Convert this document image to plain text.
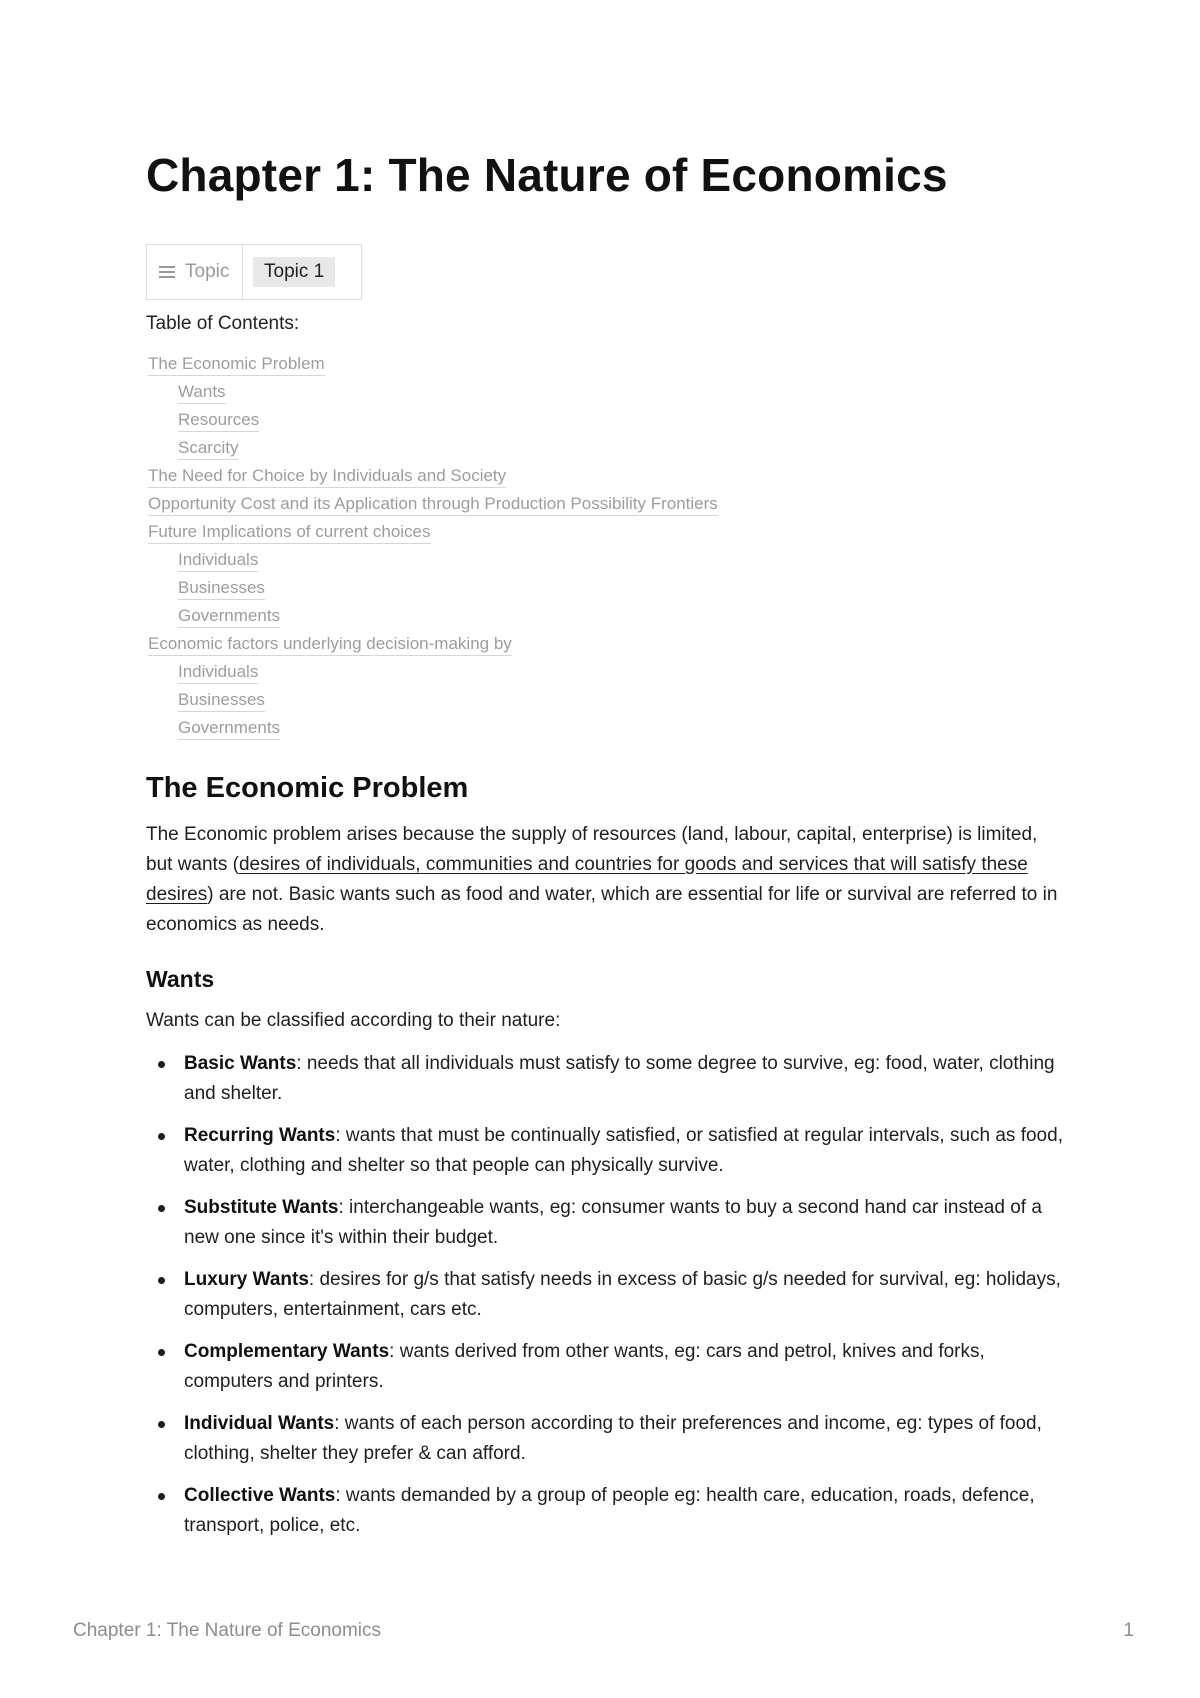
Chapter 1: The Nature of Economics
Topic	Topic 1
Table of Contents:
The Economic Problem
Wants
Resources
Scarcity
The Need for Choice by Individuals and Society
Opportunity Cost and its Application through Production Possibility Frontiers
Future Implications of current choices
Individuals
Businesses
Governments
Economic factors underlying decision-making by
Individuals
Businesses
Governments
The Economic Problem

The Economic problem arises because the supply of resources (land, labour, capital, enterprise) is limited, but wants (desires of individuals, communities and countries for goods and services that will satisfy these desires) are not. Basic wants such as food and water, which are essential for life or survival are referred to in economics as needs.

Wants

Wants can be classified according to their nature:

Basic Wants: needs that all individuals must satisfy to some degree to survive, eg: food, water, clothing and shelter.
Recurring Wants: wants that must be continually satisfied, or satisfied at regular intervals, such as food, water, clothing and shelter so that people can physically survive.
Substitute Wants: interchangeable wants, eg: consumer wants to buy a second hand car instead of a new one since it's within their budget.
Luxury Wants: desires for g/s that satisfy needs in excess of basic g/s needed for survival, eg: holidays, computers, entertainment, cars etc.
Complementary Wants: wants derived from other wants, eg: cars and petrol, knives and forks, computers and printers.
Individual Wants: wants of each person according to their preferences and income, eg: types of food, clothing, shelter they prefer & can afford.
Collective Wants: wants demanded by a group of people eg: health care, education, roads, defence, transport, police, etc.
Chapter 1: The Nature of Economics	1
